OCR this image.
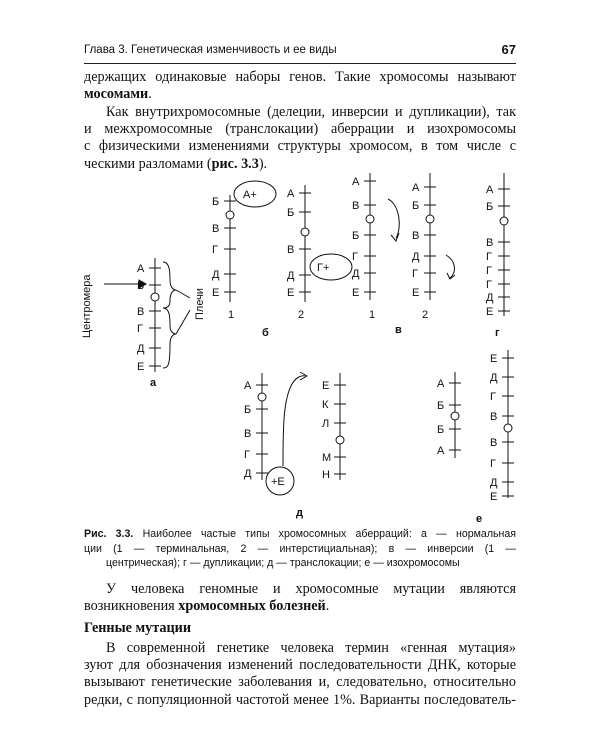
Глава 3. Генетическая изменчивость и ее виды	67
держащих одинаковые наборы генов. Такие хромосомы называют
мосомами.
Как внутрихромосомные (делеции, инверсии и дупликации), так
и межхромосомные (транслокации) аберрации и изохромосомы
с физическими изменениями структуры хромосом, в том числе с
ческими разломами (рис. 3.3).
Центромера
А
Б
В
Г
Д
Е
Плечи
а
Б
В
Г
Д
Е
А+
1
А
Б
В
Д
Е
Г+
2
б
А
В
Б
Г
Д
Е
1
А
Б
В
Д
Г
Е
2
в
А
Б
В
Г
Г
Г
Д
Е
г
А
Б
В
Г
Д
Е
К
Л
М
Н
+Е
д
А
Б
Б
А
Е
Д
Г
В
В
Г
Д
Е
е
Рис. 3.3. Наиболее частые типы хромосомных аберраций: а — нормальная
ции (1 — терминальная, 2 — интерстициальная); в — инверсии (1 —
центрическая); г — дупликации; д — транслокации; е — изохромосомы
У человека геномные и хромосомные мутации являются
возникновения хромосомных болезней.
Генные мутации
В современной генетике человека термин «генная мутация»
зуют для обозначения изменений последовательности ДНК, которые
вызывают генетические заболевания и, следовательно, относительно
редки, с популяционной частотой менее 1%. Варианты последователь-
